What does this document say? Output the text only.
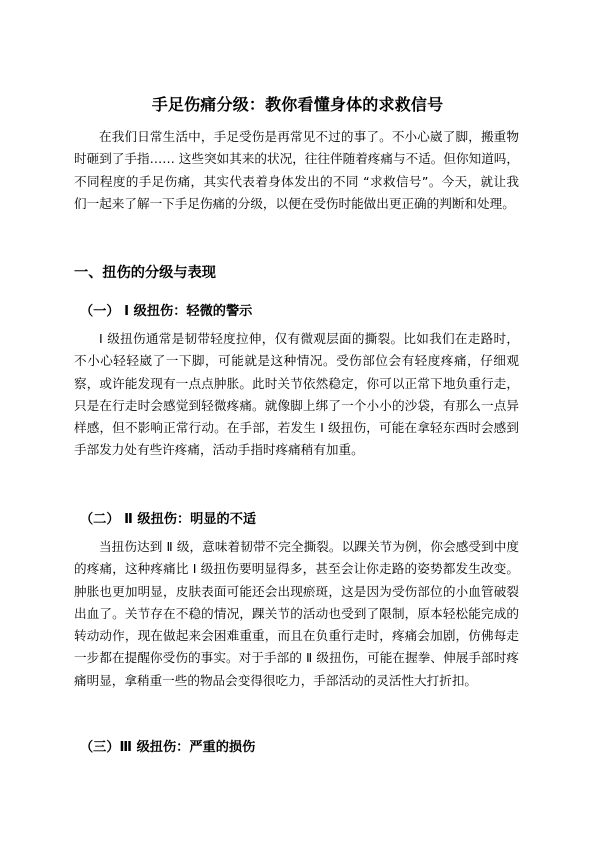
手足伤痛分级：教你看懂身体的求救信号

在我们日常生活中，手足受伤是再常见不过的事了。不小心崴了脚，搬重物时砸到了手指…… 这些突如其来的状况，往往伴随着疼痛与不适。但你知道吗，不同程度的手足伤痛，其实代表着身体发出的不同 “求救信号”。今天，就让我们一起来了解一下手足伤痛的分级，以便在受伤时能做出更正确的判断和处理。

一、扭伤的分级与表现
（一） Ⅰ 级扭伤：轻微的警示

Ⅰ 级扭伤通常是韧带轻度拉伸，仅有微观层面的撕裂。比如我们在走路时，不小心轻轻崴了一下脚，可能就是这种情况。受伤部位会有轻度疼痛，仔细观察，或许能发现有一点点肿胀。此时关节依然稳定，你可以正常下地负重行走，只是在行走时会感觉到轻微疼痛。就像脚上绑了一个小小的沙袋，有那么一点异样感，但不影响正常行动。在手部，若发生 Ⅰ 级扭伤，可能在拿轻东西时会感到手部发力处有些许疼痛，活动手指时疼痛稍有加重。

（二） Ⅱ 级扭伤：明显的不适

当扭伤达到 Ⅱ 级，意味着韧带不完全撕裂。以踝关节为例，你会感受到中度的疼痛，这种疼痛比 Ⅰ 级扭伤要明显得多，甚至会让你走路的姿势都发生改变。肿胀也更加明显，皮肤表面可能还会出现瘀斑，这是因为受伤部位的小血管破裂出血了。关节存在不稳的情况，踝关节的活动也受到了限制，原本轻松能完成的转动动作，现在做起来会困难重重，而且在负重行走时，疼痛会加剧，仿佛每走一步都在提醒你受伤的事实。对于手部的 Ⅱ 级扭伤，可能在握拳、伸展手部时疼痛明显，拿稍重一些的物品会变得很吃力，手部活动的灵活性大打折扣。

（三）Ⅲ 级扭伤：严重的损伤
